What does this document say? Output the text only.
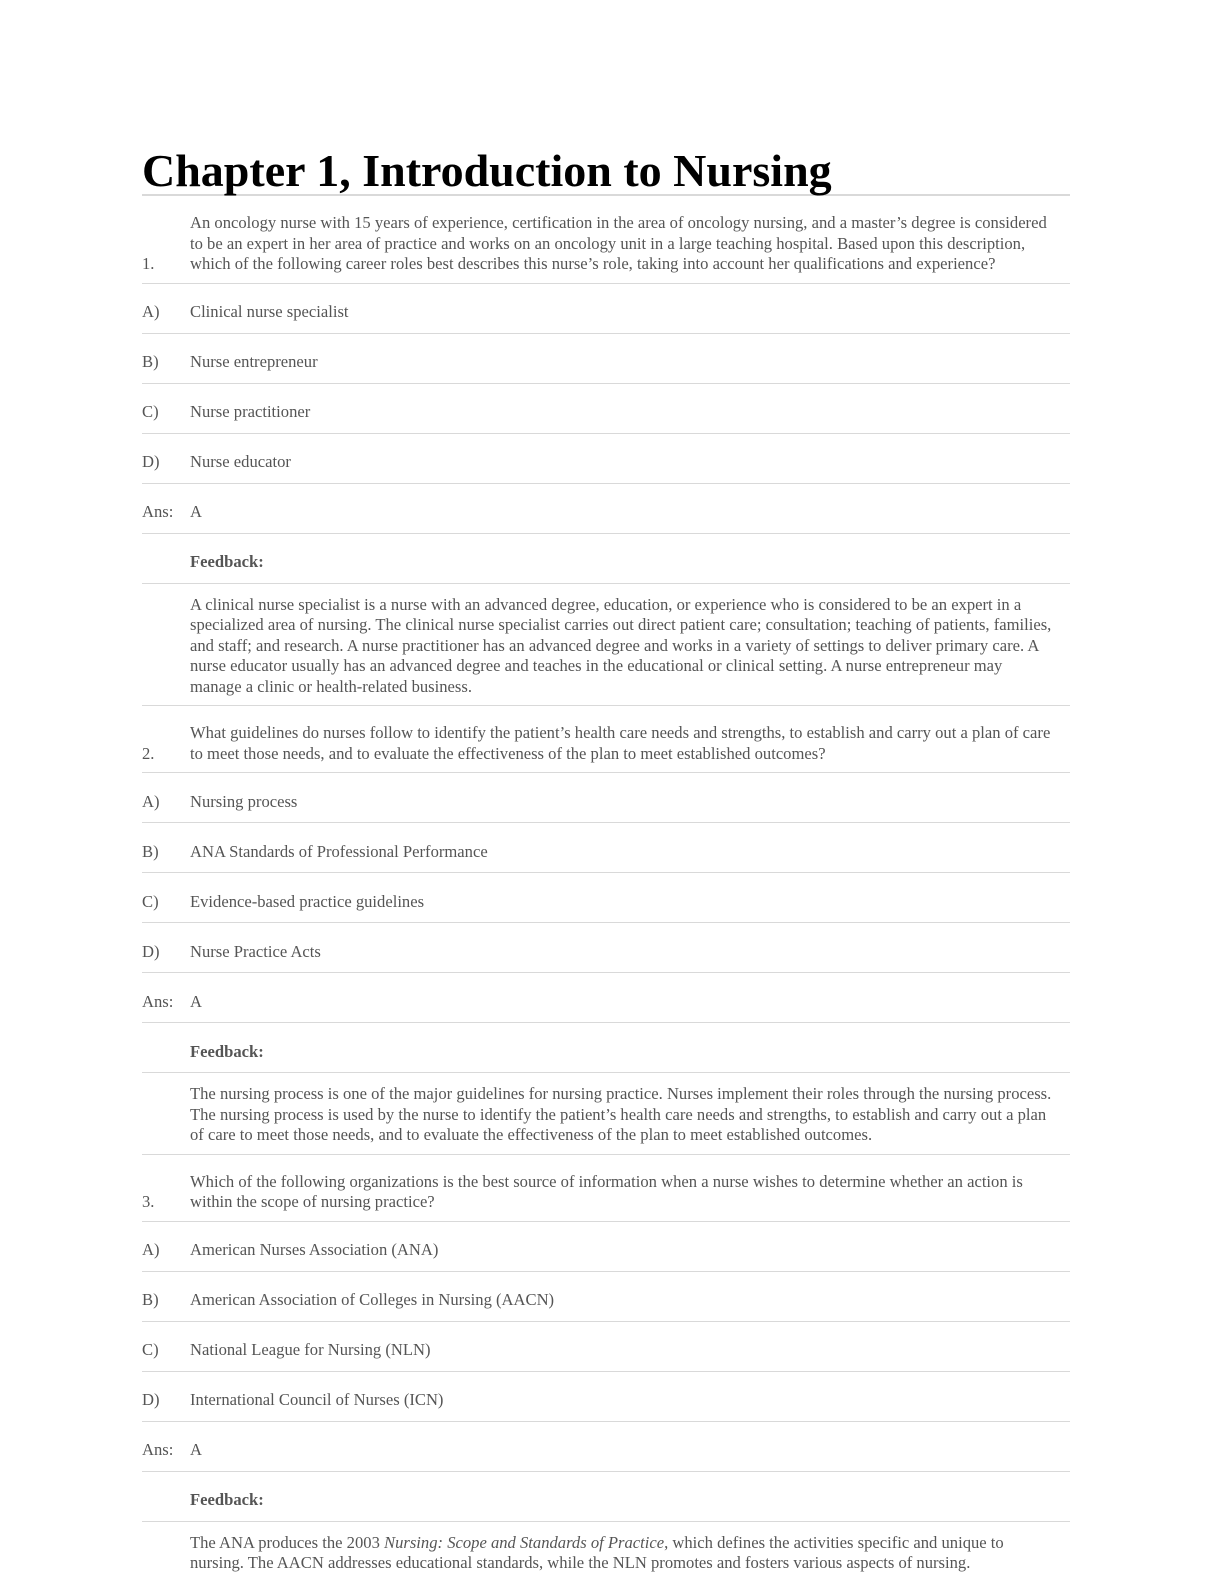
Chapter 1, Introduction to Nursing
1.	An oncology nurse with 15 years of experience, certification in the area of oncology nursing, and a master’s degree is considered to be an expert in her area of practice and works on an oncology unit in a large teaching hospital. Based upon this description, which of the following career roles best describes this nurse’s role, taking into account her qualifications and experience?
A)	Clinical nurse specialist
B)	Nurse entrepreneur
C)	Nurse practitioner
D)	Nurse educator
Ans:	A
	Feedback:
	A clinical nurse specialist is a nurse with an advanced degree, education, or experience who is considered to be an expert in a specialized area of nursing. The clinical nurse specialist carries out direct patient care; consultation; teaching of patients, families, and staff; and research. A nurse practitioner has an advanced degree and works in a variety of settings to deliver primary care. A nurse educator usually has an advanced degree and teaches in the educational or clinical setting. A nurse entrepreneur may manage a clinic or health-related business.
2.	What guidelines do nurses follow to identify the patient’s health care needs and strengths, to establish and carry out a plan of care to meet those needs, and to evaluate the effectiveness of the plan to meet established outcomes?
A)	Nursing process
B)	ANA Standards of Professional Performance
C)	Evidence-based practice guidelines
D)	Nurse Practice Acts
Ans:	A
	Feedback:
	The nursing process is one of the major guidelines for nursing practice. Nurses implement their roles through the nursing process. The nursing process is used by the nurse to identify the patient’s health care needs and strengths, to establish and carry out a plan of care to meet those needs, and to evaluate the effectiveness of the plan to meet established outcomes.
3.	Which of the following organizations is the best source of information when a nurse wishes to determine whether an action is within the scope of nursing practice?
A)	American Nurses Association (ANA)
B)	American Association of Colleges in Nursing (AACN)
C)	National League for Nursing (NLN)
D)	International Council of Nurses (ICN)
Ans:	A
	Feedback:
	The ANA produces the 2003 Nursing: Scope and Standards of Practice, which defines the activities specific and unique to nursing. The AACN addresses educational standards, while the NLN promotes and fosters various aspects of nursing.
